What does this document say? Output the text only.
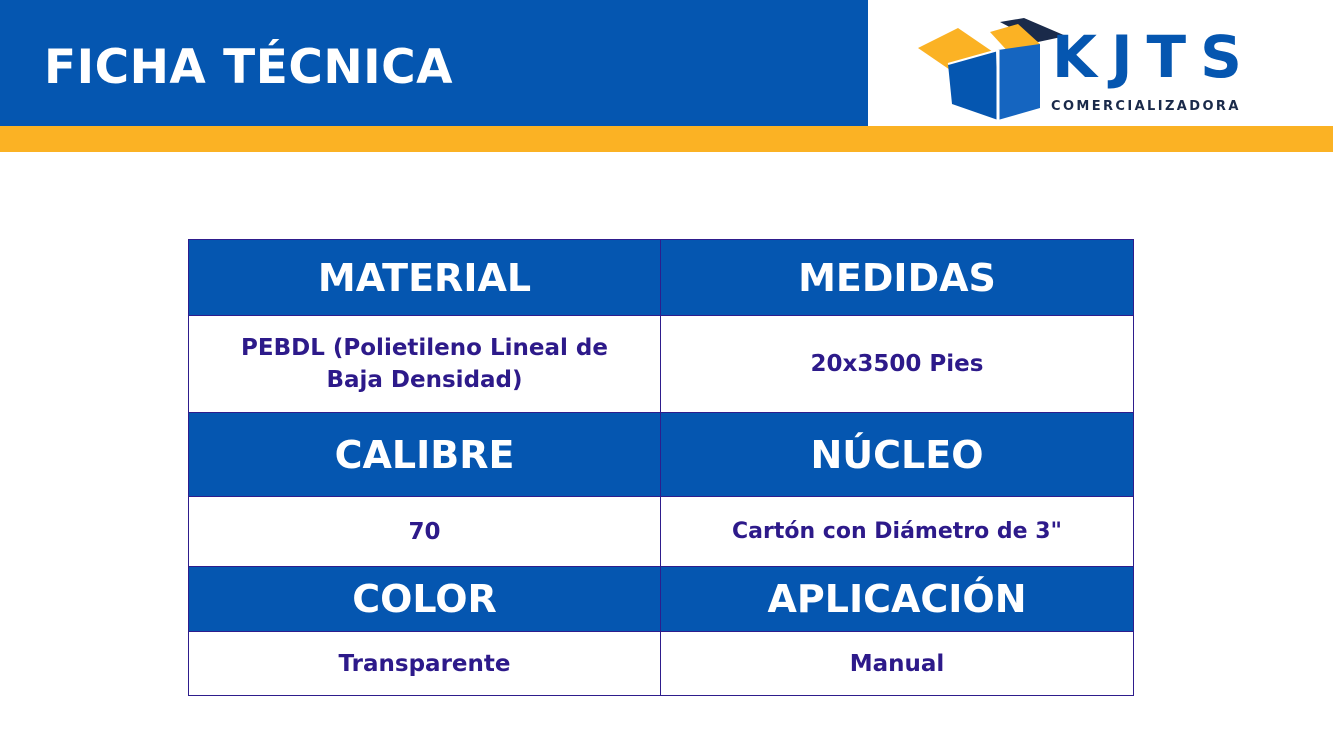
FICHA TÉCNICA	KJTS
COMERCIALIZADORA
MATERIAL	MEDIDAS
PEBDL (Polietileno Lineal de Baja Densidad)	20x3500 Pies
CALIBRE	NÚCLEO
70	Cartón con Diámetro de 3"
COLOR	APLICACIÓN
Transparente	Manual
